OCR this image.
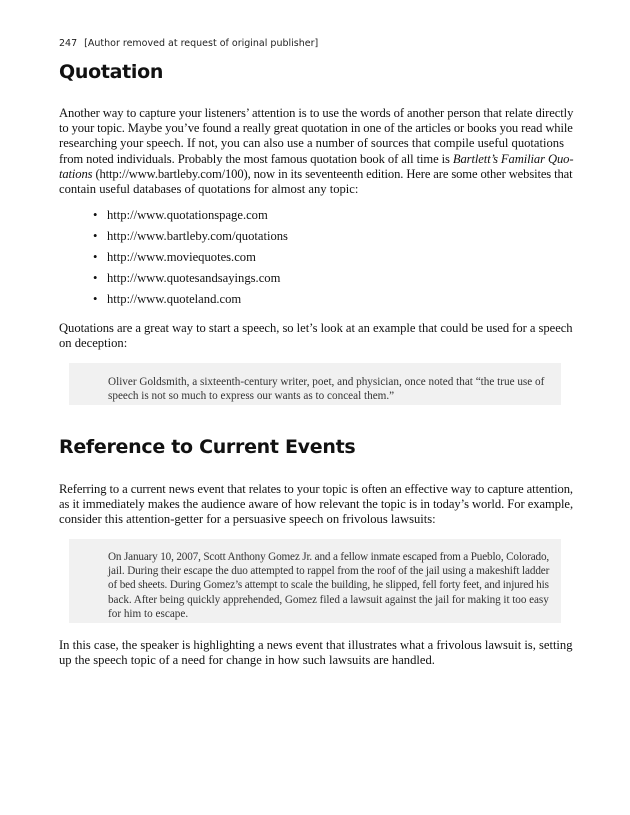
247 [Author removed at request of original publisher]
Quotation
Another way to capture your listeners’ attention is to use the words of another person that relate directly
to your topic. Maybe you’ve found a really great quotation in one of the articles or books you read while
researching your speech. If not, you can also use a number of sources that compile useful quotations
from noted individuals. Probably the most famous quotation book of all time is Bartlett’s Familiar Quo-
tations (http://www.bartleby.com/100), now in its seventeenth edition. Here are some other websites that
contain useful databases of quotations for almost any topic:
• http://www.quotationspage.com
• http://www.bartleby.com/quotations
• http://www.moviequotes.com
• http://www.quotesandsayings.com
• http://www.quoteland.com
Quotations are a great way to start a speech, so let’s look at an example that could be used for a speech
on deception:
Oliver Goldsmith, a sixteenth-century writer, poet, and physician, once noted that “the true use of
speech is not so much to express our wants as to conceal them.”
Reference to Current Events
Referring to a current news event that relates to your topic is often an effective way to capture attention,
as it immediately makes the audience aware of how relevant the topic is in today’s world. For example,
consider this attention-getter for a persuasive speech on frivolous lawsuits:
On January 10, 2007, Scott Anthony Gomez Jr. and a fellow inmate escaped from a Pueblo, Colorado,
jail. During their escape the duo attempted to rappel from the roof of the jail using a makeshift ladder
of bed sheets. During Gomez’s attempt to scale the building, he slipped, fell forty feet, and injured his
back. After being quickly apprehended, Gomez filed a lawsuit against the jail for making it too easy
for him to escape.
In this case, the speaker is highlighting a news event that illustrates what a frivolous lawsuit is, setting
up the speech topic of a need for change in how such lawsuits are handled.
